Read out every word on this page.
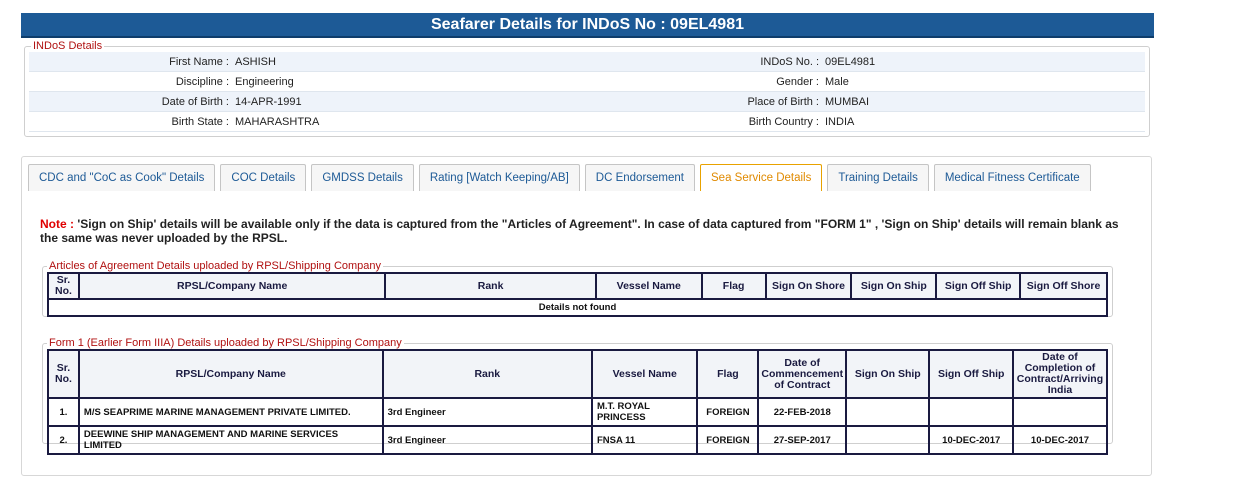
Seafarer Details for INDoS No : 09EL4981
INDoS Details
First Name : ASHISH	INDoS No. : 09EL4981
Discipline : Engineering	Gender : Male
Date of Birth : 14-APR-1991	Place of Birth : MUMBAI
Birth State : MAHARASHTRA	Birth Country : INDIA
CDC and "CoC as Cook" Details	COC Details	GMDSS Details	Rating [Watch Keeping/AB]	DC Endorsement	Sea Service Details	Training Details	Medical Fitness Certificate
Note : 'Sign on Ship' details will be available only if the data is captured from the "Articles of Agreement". In case of data captured from "FORM 1" , 'Sign on Ship' details will remain blank as the same was never uploaded by the RPSL.
Articles of Agreement Details uploaded by RPSL/Shipping Company
Sr. No.	RPSL/Company Name	Rank	Vessel Name	Flag	Sign On Shore	Sign On Ship	Sign Off Ship	Sign Off Shore
Details not found
Form 1 (Earlier Form IIIA) Details uploaded by RPSL/Shipping Company
Sr. No.	RPSL/Company Name	Rank	Vessel Name	Flag	Date of Commencement of Contract	Sign On Ship	Sign Off Ship	Date of Completion of Contract/Arriving India
1.	M/S SEAPRIME MARINE MANAGEMENT PRIVATE LIMITED.	3rd Engineer	M.T. ROYAL PRINCESS	FOREIGN	22-FEB-2018			
2.	DEEWINE SHIP MANAGEMENT AND MARINE SERVICES LIMITED	3rd Engineer	FNSA 11	FOREIGN	27-SEP-2017		10-DEC-2017	10-DEC-2017
